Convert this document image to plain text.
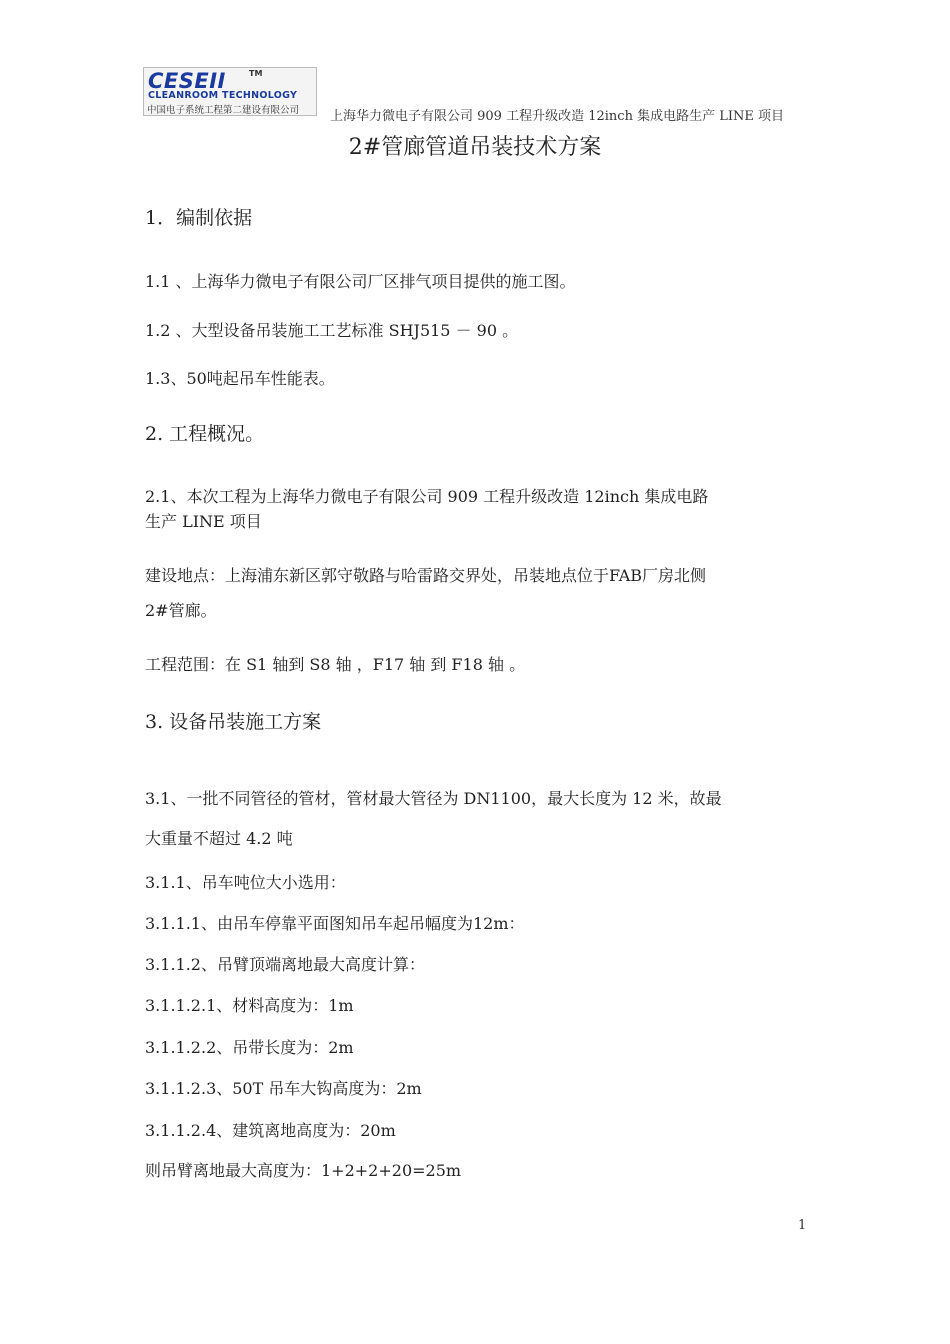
CESEII	TM
CLEANROOM TECHNOLOGY
中国电子系统工程第二建设有限公司 上海华力微电子有限公司 909 工程升级改造 12inch 集成电路生产 LINE 项目
2#管廊管道吊装技术方案
1．编制依据
1.1 、上海华力微电子有限公司厂区排气项目提供的施工图。
1.2 、大型设备吊装施工工艺标准 SHJ515 － 90 。
1.3、50吨起吊车性能表。
2. 工程概况。
2.1、本次工程为上海华力微电子有限公司 909 工程升级改造 12inch 集成电路
生产 LINE 项目
建设地点：上海浦东新区郭守敬路与哈雷路交界处，吊装地点位于FAB厂房北侧
2#管廊。
工程范围：在 S1 轴到 S8 轴 ，F17 轴 到 F18 轴 。
3. 设备吊装施工方案
3.1、一批不同管径的管材，管材最大管径为 DN1100，最大长度为 12 米，故最
大重量不超过 4.2 吨
3.1.1、吊车吨位大小选用：
3.1.1.1、由吊车停靠平面图知吊车起吊幅度为12m：
3.1.1.2、吊臂顶端离地最大高度计算：
3.1.1.2.1、材料高度为：1m
3.1.1.2.2、吊带长度为：2m
3.1.1.2.3、50T 吊车大钩高度为：2m
3.1.1.2.4、建筑离地高度为：20m
则吊臂离地最大高度为：1+2+2+20=25m
1
